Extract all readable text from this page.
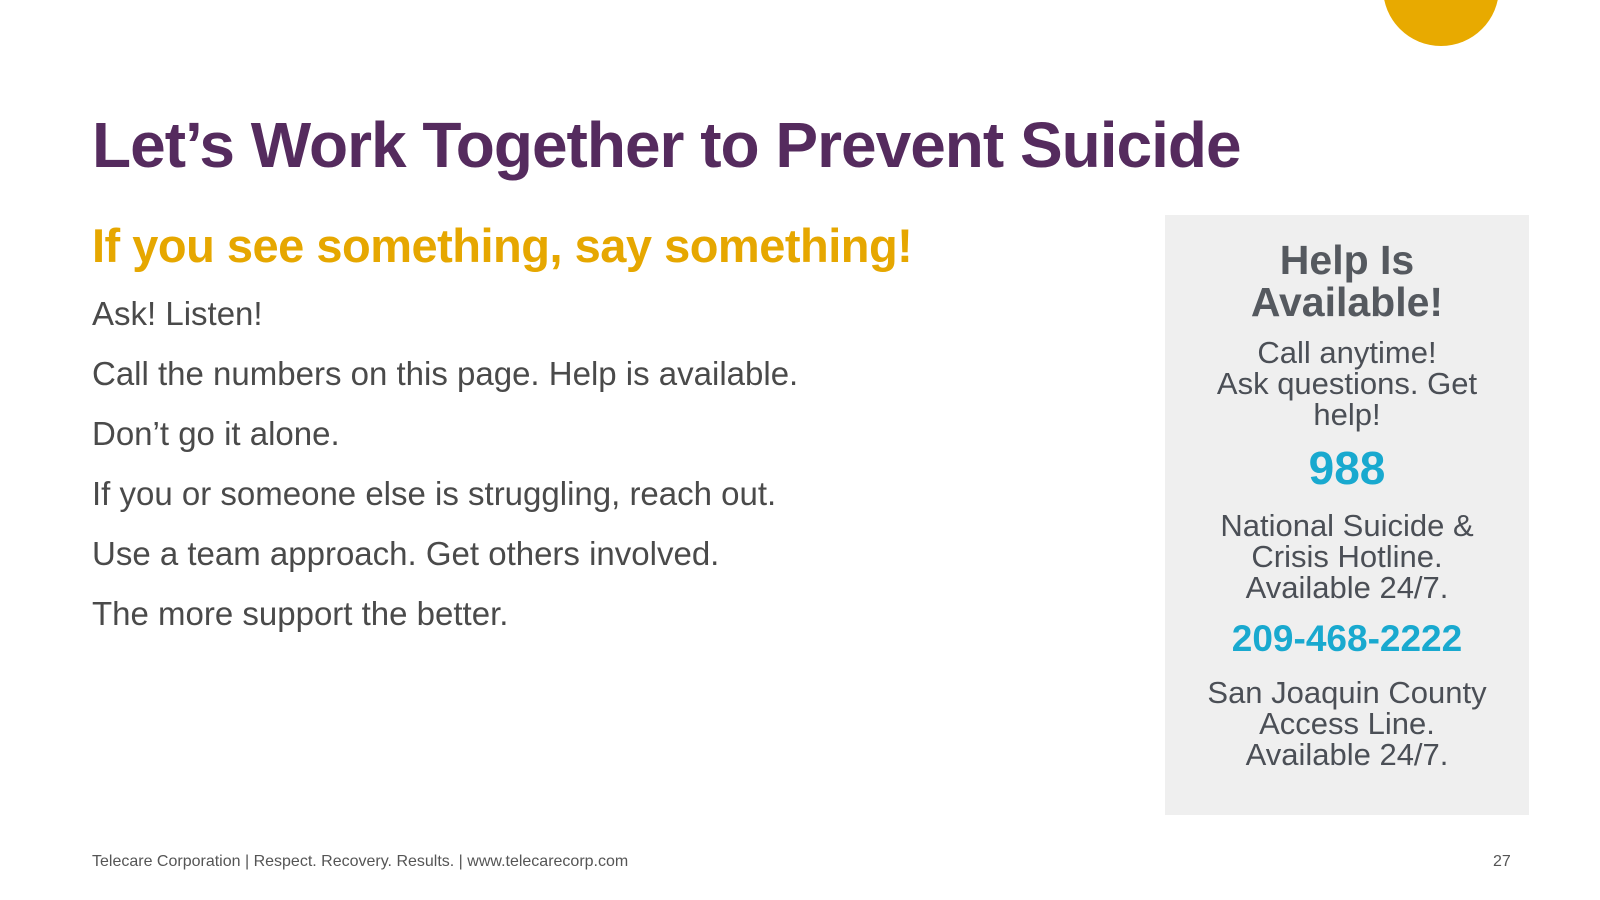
Let’s Work Together to Prevent Suicide
If you see something, say something!
Ask! Listen!
Call the numbers on this page. Help is available.
Don’t go it alone.
If you or someone else is struggling, reach out.
Use a team approach. Get others involved.
The more support the better.
Help Is
Available!
Call anytime!
Ask questions. Get
help!
988
National Suicide &
Crisis Hotline.
Available 24/7.
209-468-2222
San Joaquin County
Access Line.
Available 24/7.
Telecare Corporation | Respect. Recovery. Results. | www.telecarecorp.com	27
